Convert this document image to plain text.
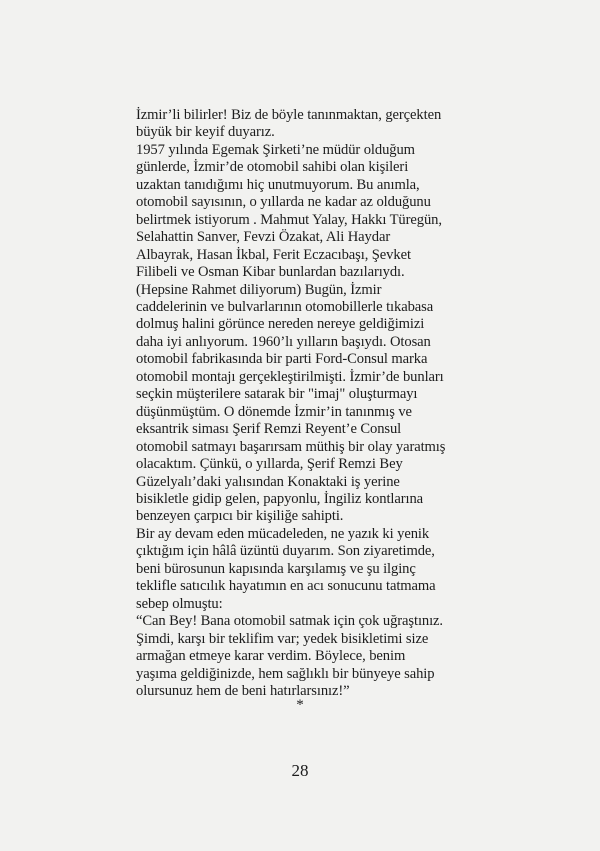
İzmir’li bilirler! Biz de böyle tanınmaktan, gerçekten
büyük bir keyif duyarız.
1957 yılında Egemak Şirketi’ne müdür olduğum
günlerde, İzmir’de otomobil sahibi olan kişileri
uzaktan tanıdığımı hiç unutmuyorum. Bu anımla,
otomobil sayısının, o yıllarda ne kadar az olduğunu
belirtmek istiyorum . Mahmut Yalay, Hakkı Türegün,
Selahattin Sanver, Fevzi Özakat, Ali Haydar
Albayrak, Hasan İkbal, Ferit Eczacıbaşı, Şevket
Filibeli ve Osman Kibar bunlardan bazılarıydı.
(Hepsine Rahmet diliyorum) Bugün, İzmir
caddelerinin ve bulvarlarının otomobillerle tıkabasa
dolmuş halini görünce nereden nereye geldiğimizi
daha iyi anlıyorum. 1960’lı yılların başıydı. Otosan
otomobil fabrikasında bir parti Ford-Consul marka
otomobil montajı gerçekleştirilmişti. İzmir’de bunları
seçkin müşterilere satarak bir "imaj" oluşturmayı
düşünmüştüm. O dönemde İzmir’in tanınmış ve
eksantrik siması Şerif Remzi Reyent’e Consul
otomobil satmayı başarırsam müthiş bir olay yaratmış
olacaktım. Çünkü, o yıllarda, Şerif Remzi Bey
Güzelyalı’daki yalısından Konaktaki iş yerine
bisikletle gidip gelen, papyonlu, İngiliz kontlarına
benzeyen çarpıcı bir kişiliğe sahipti.
Bir ay devam eden mücadeleden, ne yazık ki yenik
çıktığım için hâlâ üzüntü duyarım. Son ziyaretimde,
beni bürosunun kapısında karşılamış ve şu ilginç
teklifle satıcılık hayatımın en acı sonucunu tatmama
sebep olmuştu:
“Can Bey! Bana otomobil satmak için çok uğraştınız.
Şimdi, karşı bir teklifim var; yedek bisikletimi size
armağan etmeye karar verdim. Böylece, benim
yaşıma geldiğinizde, hem sağlıklı bir bünyeye sahip
olursunuz hem de beni hatırlarsınız!”
*
28
